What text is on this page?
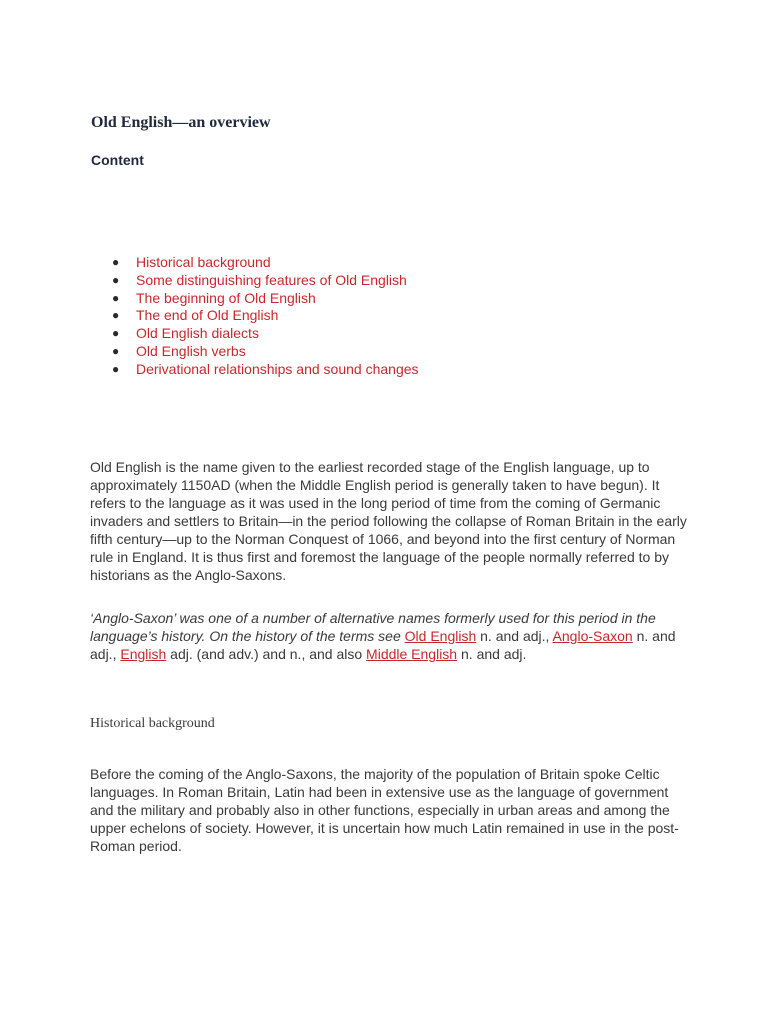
Old English—an overview
Content
● Historical background
● Some distinguishing features of Old English
● The beginning of Old English
● The end of Old English
● Old English dialects
● Old English verbs
● Derivational relationships and sound changes

Old English is the name given to the earliest recorded stage of the English language, up to approximately 1150AD (when the Middle English period is generally taken to have begun). It refers to the language as it was used in the long period of time from the coming of Germanic invaders and settlers to Britain—in the period following the collapse of Roman Britain in the early fifth century—up to the Norman Conquest of 1066, and beyond into the first century of Norman rule in England. It is thus first and foremost the language of the people normally referred to by historians as the Anglo-Saxons.

‘Anglo-Saxon’ was one of a number of alternative names formerly used for this period in the language’s history. On the history of the terms see Old English n. and adj., Anglo-Saxon n. and adj., English adj. (and adv.) and n., and also Middle English n. and adj.

Historical background

Before the coming of the Anglo-Saxons, the majority of the population of Britain spoke Celtic languages. In Roman Britain, Latin had been in extensive use as the language of government and the military and probably also in other functions, especially in urban areas and among the upper echelons of society. However, it is uncertain how much Latin remained in use in the post-Roman period.
